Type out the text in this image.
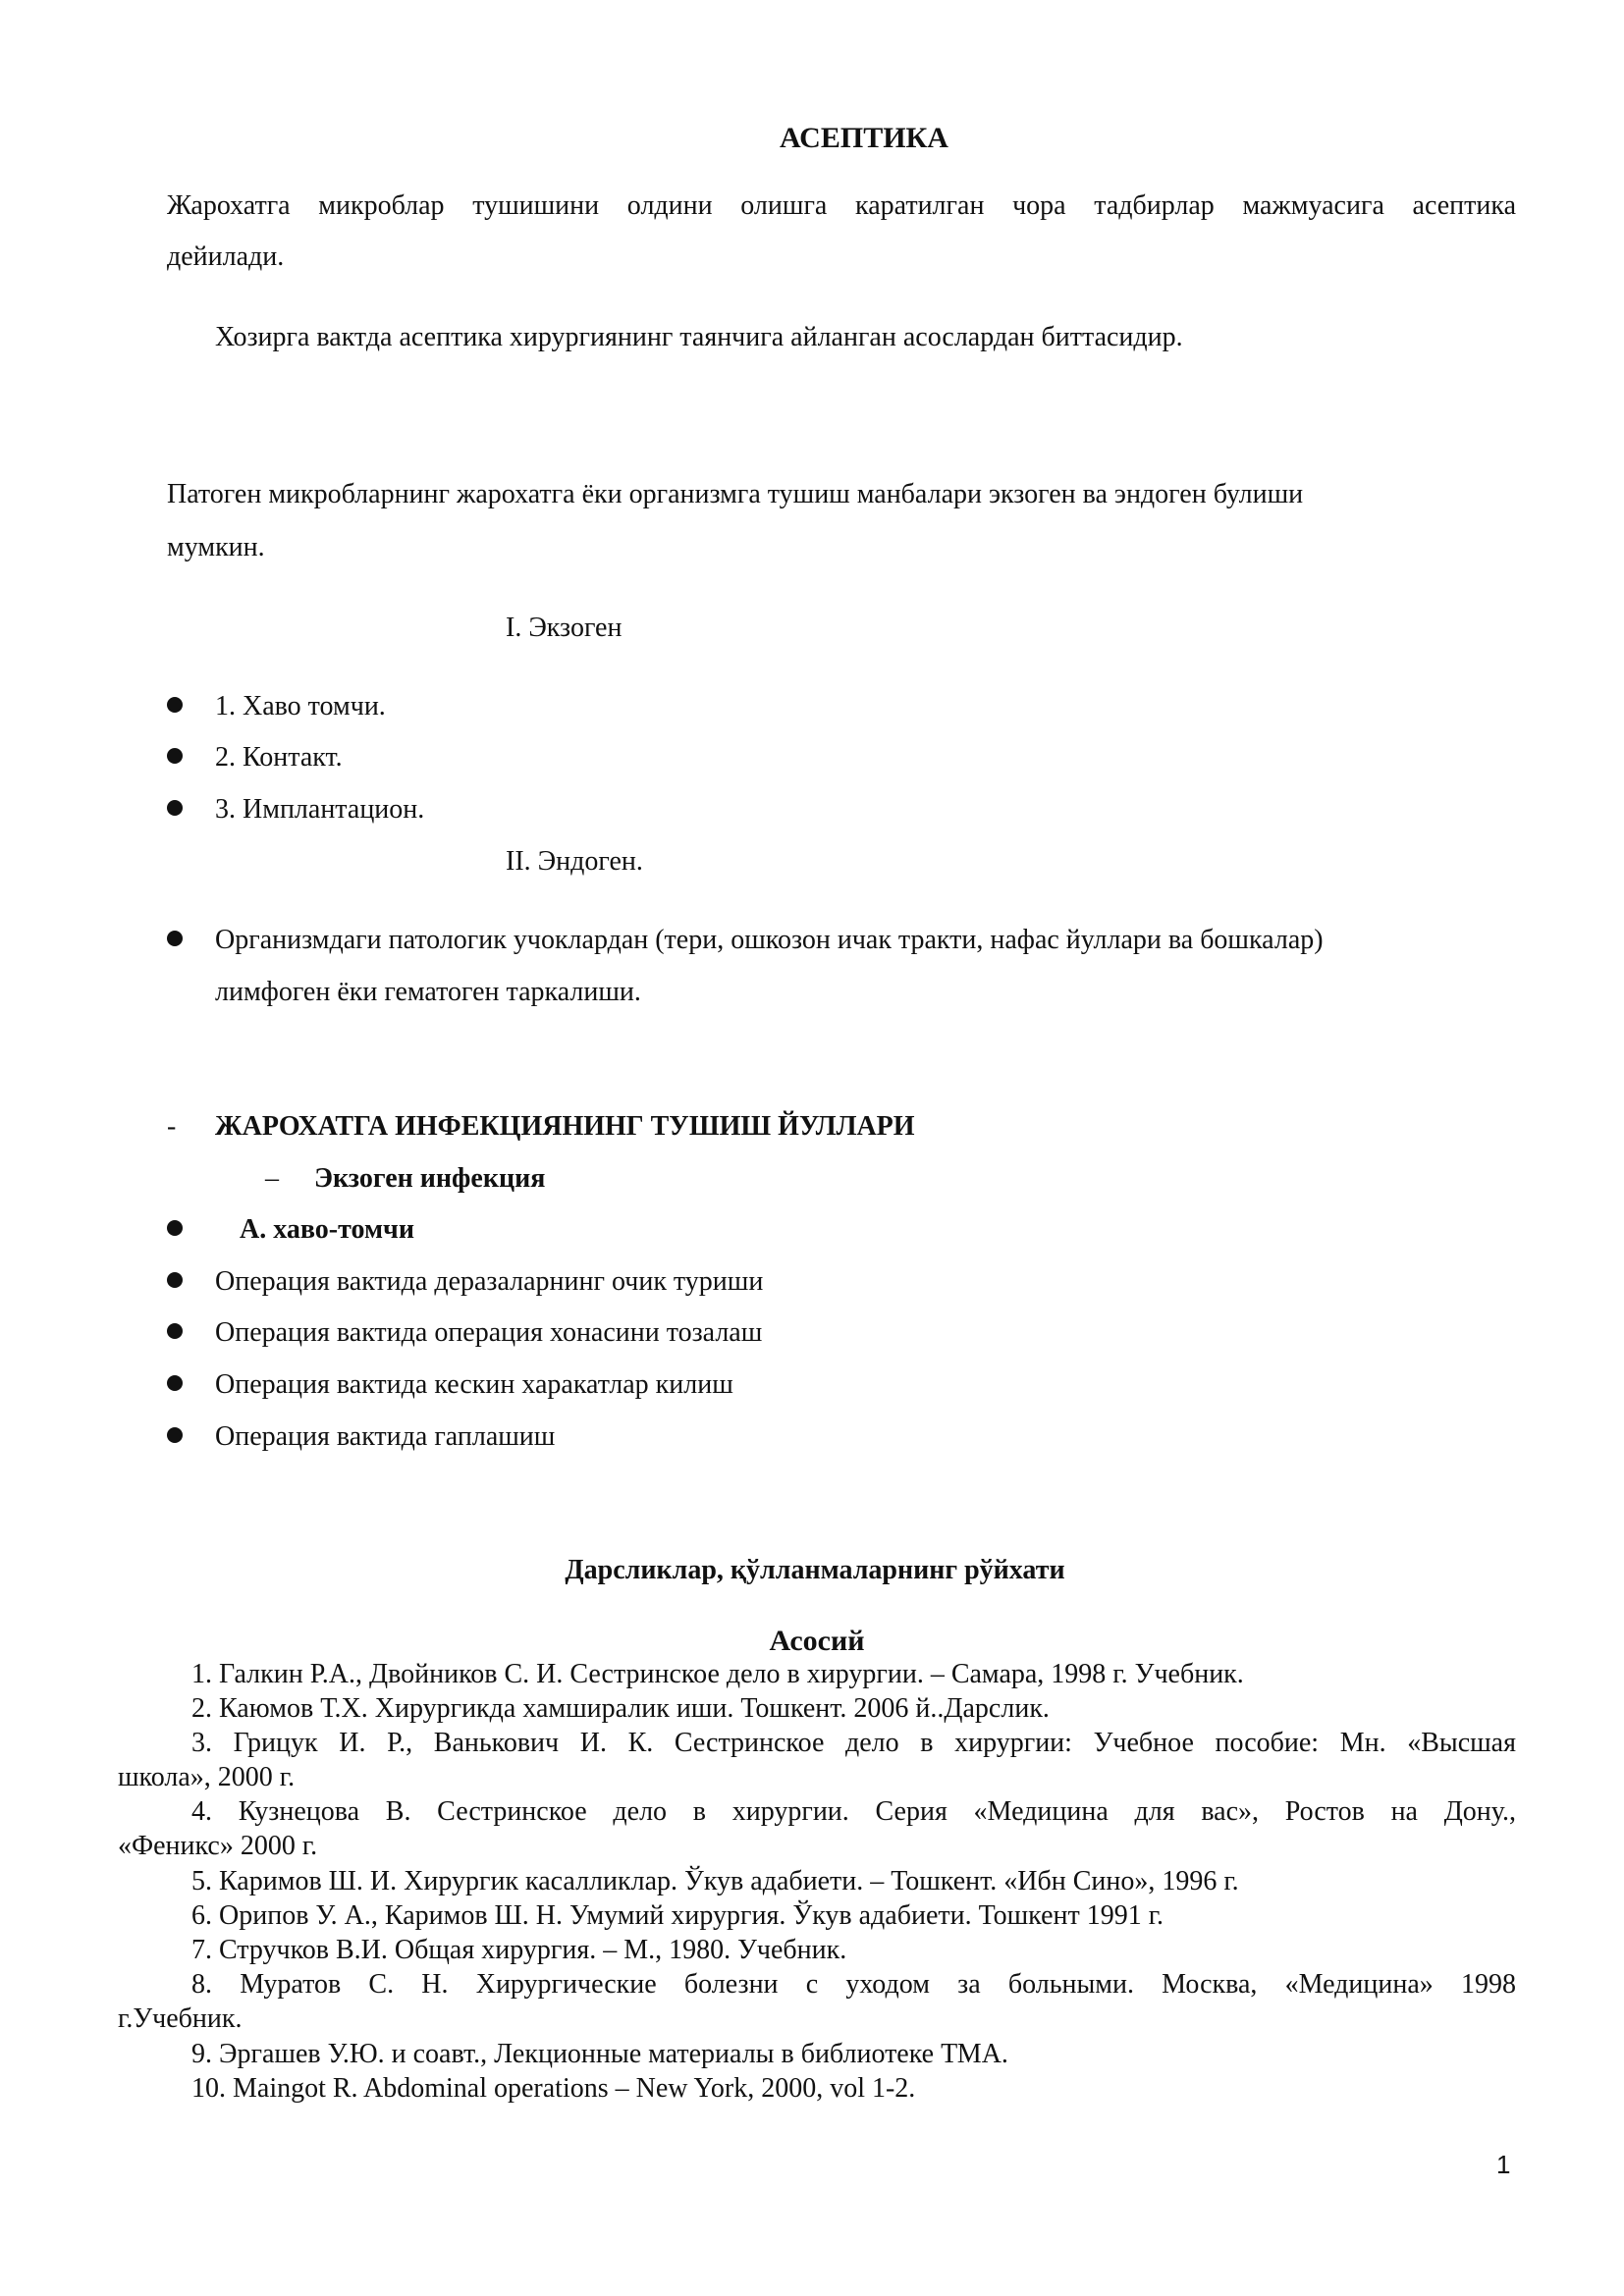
АСЕПТИКА
Жарохатга микроблар тушишини олдини олишга каратилган чора тадбирлар мажмуасига асептика
дейилади.
Хозирга вактда асептика хирургиянинг таянчига айланган асослардан биттасидир.
Патоген микробларнинг жарохатга ёки организмга тушиш манбалари экзоген ва эндоген булиши
мумкин.
I. Экзоген
1. Хаво томчи.
2. Контакт.
3. Имплантацион.
II. Эндоген.
Организмдаги патологик учоклардан (тери, ошкозон ичак тракти, нафас йуллари ва бошкалар)
лимфоген ёки гематоген таркалиши.
- ЖАРОХАТГА ИНФЕКЦИЯНИНГ ТУШИШ ЙУЛЛАРИ
– Экзоген инфекция
А. хаво-томчи
Операция вактида деразаларнинг очик туриши
Операция вактида операция хонасини тозалаш
Операция вактида кескин харакатлар килиш
Операция вактида гаплашиш
Дарсликлар, қўлланмаларнинг рўйхати
Асосий
1. Галкин Р.А., Двойников С. И. Сестринское дело в хирургии. – Самара, 1998 г. Учебник.
2. Каюмов Т.Х. Хирургикда хамширалик иши. Тошкент. 2006 й..Дарслик.
3. Грицук И. Р., Ванькович И. К. Сестринское дело в хирургии: Учебное пособие: Мн. «Высшая
школа», 2000 г.
4. Кузнецова В. Сестринское дело в хирургии. Серия «Медицина для вас», Ростов на Дону.,
«Феникс» 2000 г.
5. Каримов Ш. И. Хирургик касалликлар. Ўкув адабиети. – Тошкент. «Ибн Сино», 1996 г.
6. Орипов У. А., Каримов Ш. Н. Умумий хирургия. Ўкув адабиети. Тошкент 1991 г.
7. Стручков В.И. Общая хирургия. – М., 1980. Учебник.
8. Муратов С. Н. Хирургические болезни с уходом за больными. Москва, «Медицина» 1998
г.Учебник.
9. Эргашев У.Ю. и соавт., Лекционные материалы в библиотеке ТМА.
10. Maingot R. Abdominal operations – New York, 2000, vol 1-2.
1
